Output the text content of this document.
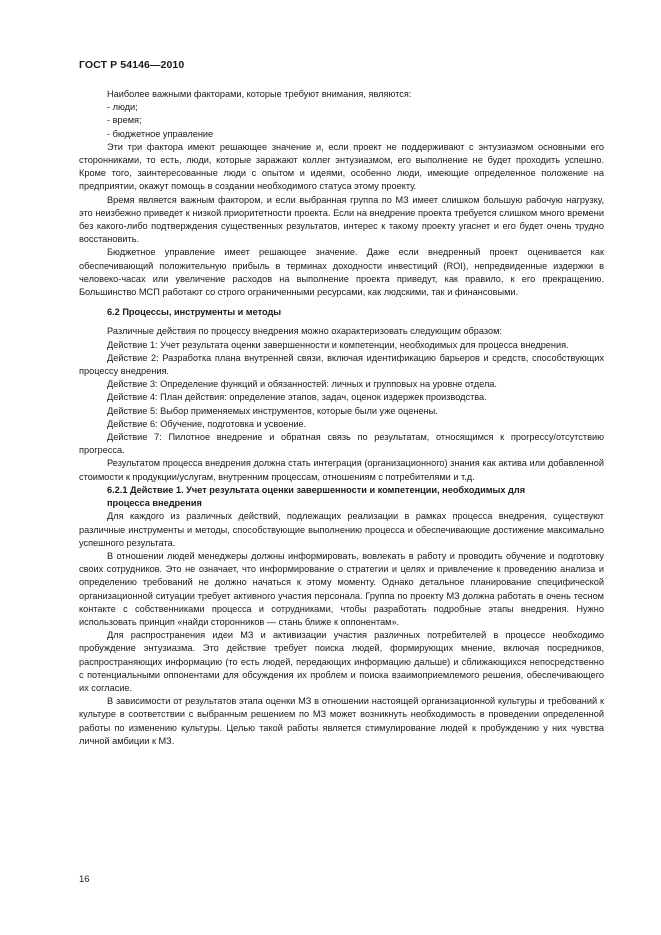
ГОСТ Р 54146—2010

Наиболее важными факторами, которые требуют внимания, являются:

- люди;

- время;

- бюджетное управление

Эти три фактора имеют решающее значение и, если проект не поддерживают с энтузиазмом основными его сторонниками, то есть, люди, которые заражают коллег энтузиазмом, его выполнение не будет проходить успешно. Кроме того, заинтересованные люди с опытом и идеями, особенно люди, имеющие определенное положение на предприятии, окажут помощь в создании необходимого статуса этому проекту.

Время является важным фактором, и если выбранная группа по МЗ имеет слишком большую рабочую нагрузку, это неизбежно приведет к низкой приоритетности проекта. Если на внедрение проекта требуется слишком много времени без какого-либо подтверждения существенных результатов, интерес к такому проекту угаснет и его будет очень трудно восстановить.

Бюджетное управление имеет решающее значение. Даже если внедренный проект оценивается как обеспечивающий положительную прибыль в терминах доходности инвестиций (ROI), непредвиденные издержки в человеко-часах или увеличение расходов на выполнение проекта приведут, как правило, к его прекращению. Большинство МСП работают со строго ограниченными ресурсами, как людскими, так и финансовыми.

6.2 Процессы, инструменты и методы

Различные действия по процессу внедрения можно охарактеризовать следующим образом:

Действие 1: Учет результата оценки завершенности и компетенции, необходимых для процесса внедрения.

Действие 2: Разработка плана внутренней связи, включая идентификацию барьеров и средств, способствующих процессу внедрения.

Действие 3: Определение функций и обязанностей: личных и групповых на уровне отдела.

Действие 4: План действия: определение этапов, задач, оценок издержек производства.

Действие 5: Выбор применяемых инструментов, которые были уже оценены.

Действие 6: Обучение, подготовка и усвоение.

Действие 7: Пилотное внедрение и обратная связь по результатам, относящимся к прогрессу/отсутствию прогресса.

Результатом процесса внедрения должна стать интеграция (организационного) знания как актива или добавленной стоимости к продукции/услугам, внутренним процессам, отношениям с потребителями и т.д.

6.2.1 Действие 1. Учет результата оценки завершенности и компетенции, необходимых для

процесса внедрения

Для каждого из различных действий, подлежащих реализации в рамках процесса внедрения, существуют различные инструменты и методы, способствующие выполнению процесса и обеспечивающие достижение максимально успешного результата.

В отношении людей менеджеры должны информировать, вовлекать в работу и проводить обучение и подготовку своих сотрудников. Это не означает, что информирование о стратегии и целях и привлечение к проведению анализа и определению требований не должно начаться к этому моменту. Однако детальное планирование специфической организационной ситуации требует активного участия персонала. Группа по проекту МЗ должна работать в очень тесном контакте с собственниками процесса и сотрудниками, чтобы разработать подробные этапы внедрения. Нужно использовать принцип «найди сторонников — стань ближе к оппонентам».

Для распространения идеи МЗ и активизации участия различных потребителей в процессе необходимо пробуждение энтузиазма. Это действие требует поиска людей, формирующих мнение, включая посредников, распространяющих информацию (то есть людей, передающих информацию дальше) и сближающихся непосредственно с потенциальными оппонентами для обсуждения их проблем и поиска взаимоприемлемого решения, обеспечивающего их согласие.

В зависимости от результатов этапа оценки МЗ в отношении настоящей организационной культуры и требований к культуре в соответствии с выбранным решением по МЗ может возникнуть необходимость в проведении определенной работы по изменению культуры. Целью такой работы является стимулирование людей к пробуждению у них чувства личной амбиции к МЗ.

16
